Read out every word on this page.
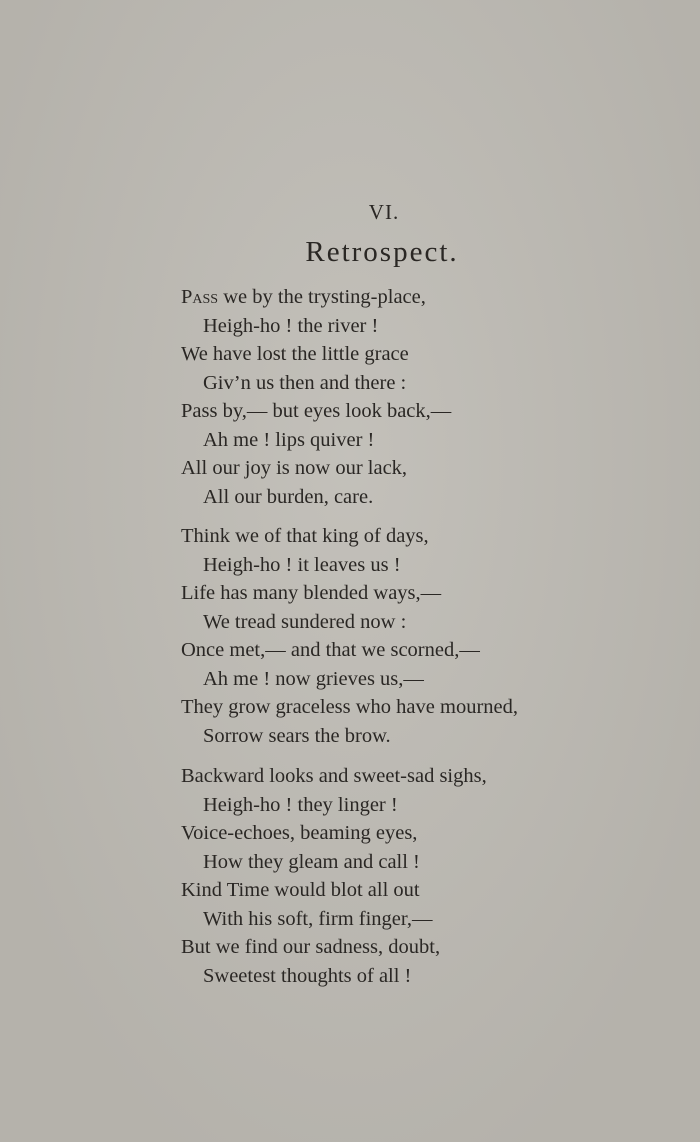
VI.
Retrospect.
Pass we by the trysting-place,
Heigh-ho ! the river !
We have lost the little grace
Giv’n us then and there :
Pass by,— but eyes look back,—
Ah me ! lips quiver !
All our joy is now our lack,
All our burden, care.
Think we of that king of days,
Heigh-ho ! it leaves us !
Life has many blended ways,—
We tread sundered now :
Once met,— and that we scorned,—
Ah me ! now grieves us,—
They grow graceless who have mourned,
Sorrow sears the brow.
Backward looks and sweet-sad sighs,
Heigh-ho ! they linger !
Voice-echoes, beaming eyes,
How they gleam and call !
Kind Time would blot all out
With his soft, firm finger,—
But we find our sadness, doubt,
Sweetest thoughts of all !
